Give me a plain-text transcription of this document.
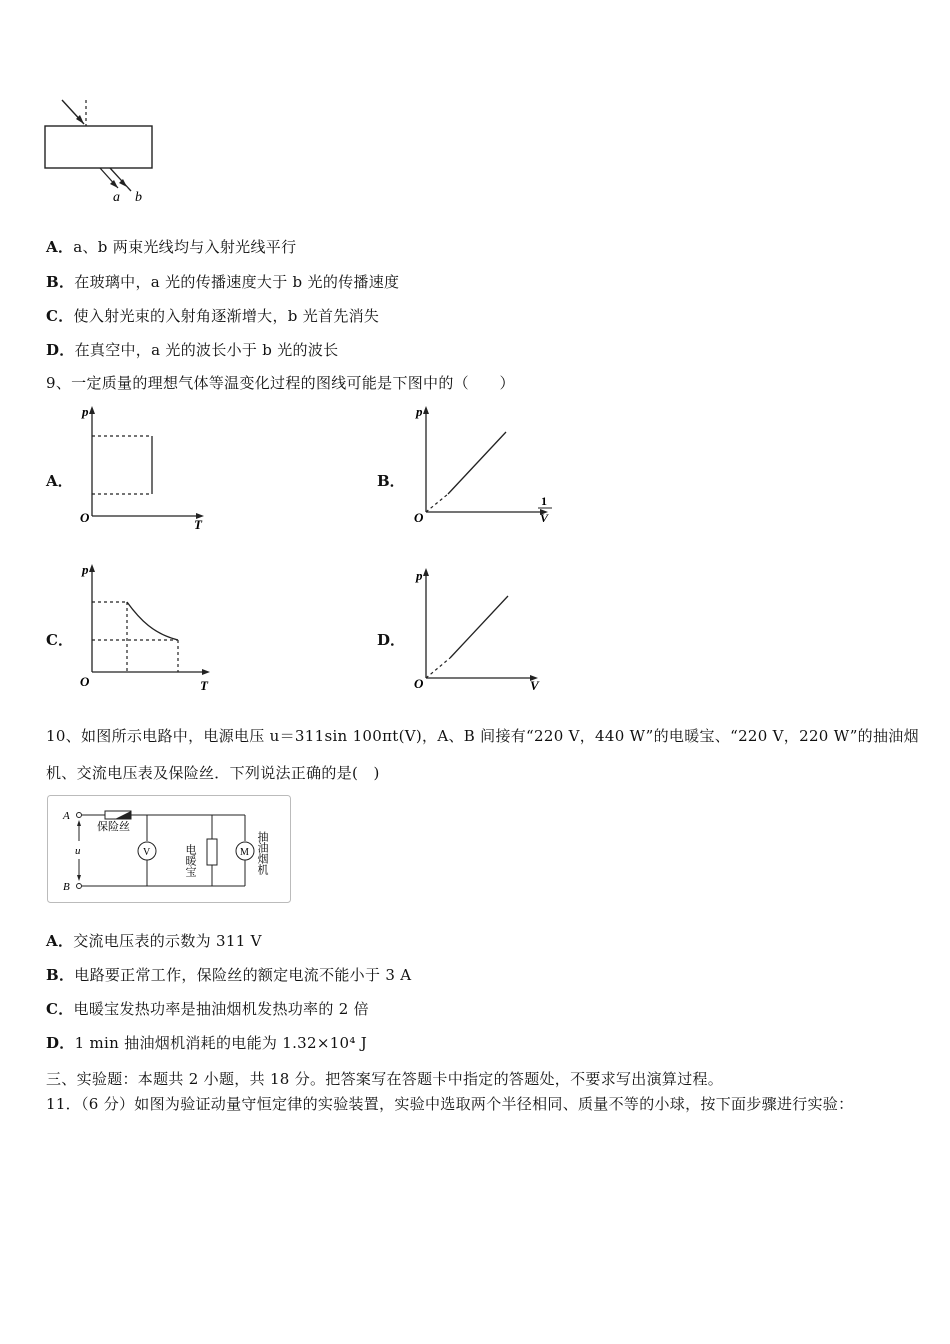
a b
A．a、b 两束光线均与入射光线平行
B．在玻璃中，a 光的传播速度大于 b 光的传播速度
C．使入射光束的入射角逐渐增大，b 光首先消失
D．在真空中，a 光的波长小于 b 光的波长
9、一定质量的理想气体等温变化过程的图线可能是下图中的（　　）
A．
p
O	T
B．
p
O
1
V
C．
p
O	T
D．
p
O	V
10、如图所示电路中，电源电压 u＝311sin 100πt(V)，A、B 间接有“220 V，440 W”的电暖宝、“220 V，220 W”的抽油烟
机、交流电压表及保险丝．下列说法正确的是(　)
A
B
u
保险丝
V	电暖宝	M 抽油烟机
A．交流电压表的示数为 311 V
B．电路要正常工作，保险丝的额定电流不能小于 3 A
C．电暖宝发热功率是抽油烟机发热功率的 2 倍
D．1 min 抽油烟机消耗的电能为 1.32×10⁴ J
三、实验题：本题共 2 小题，共 18 分。把答案写在答题卡中指定的答题处，不要求写出演算过程。
11．（6 分）如图为验证动量守恒定律的实验装置，实验中选取两个半径相同、质量不等的小球，按下面步骤进行实验：
